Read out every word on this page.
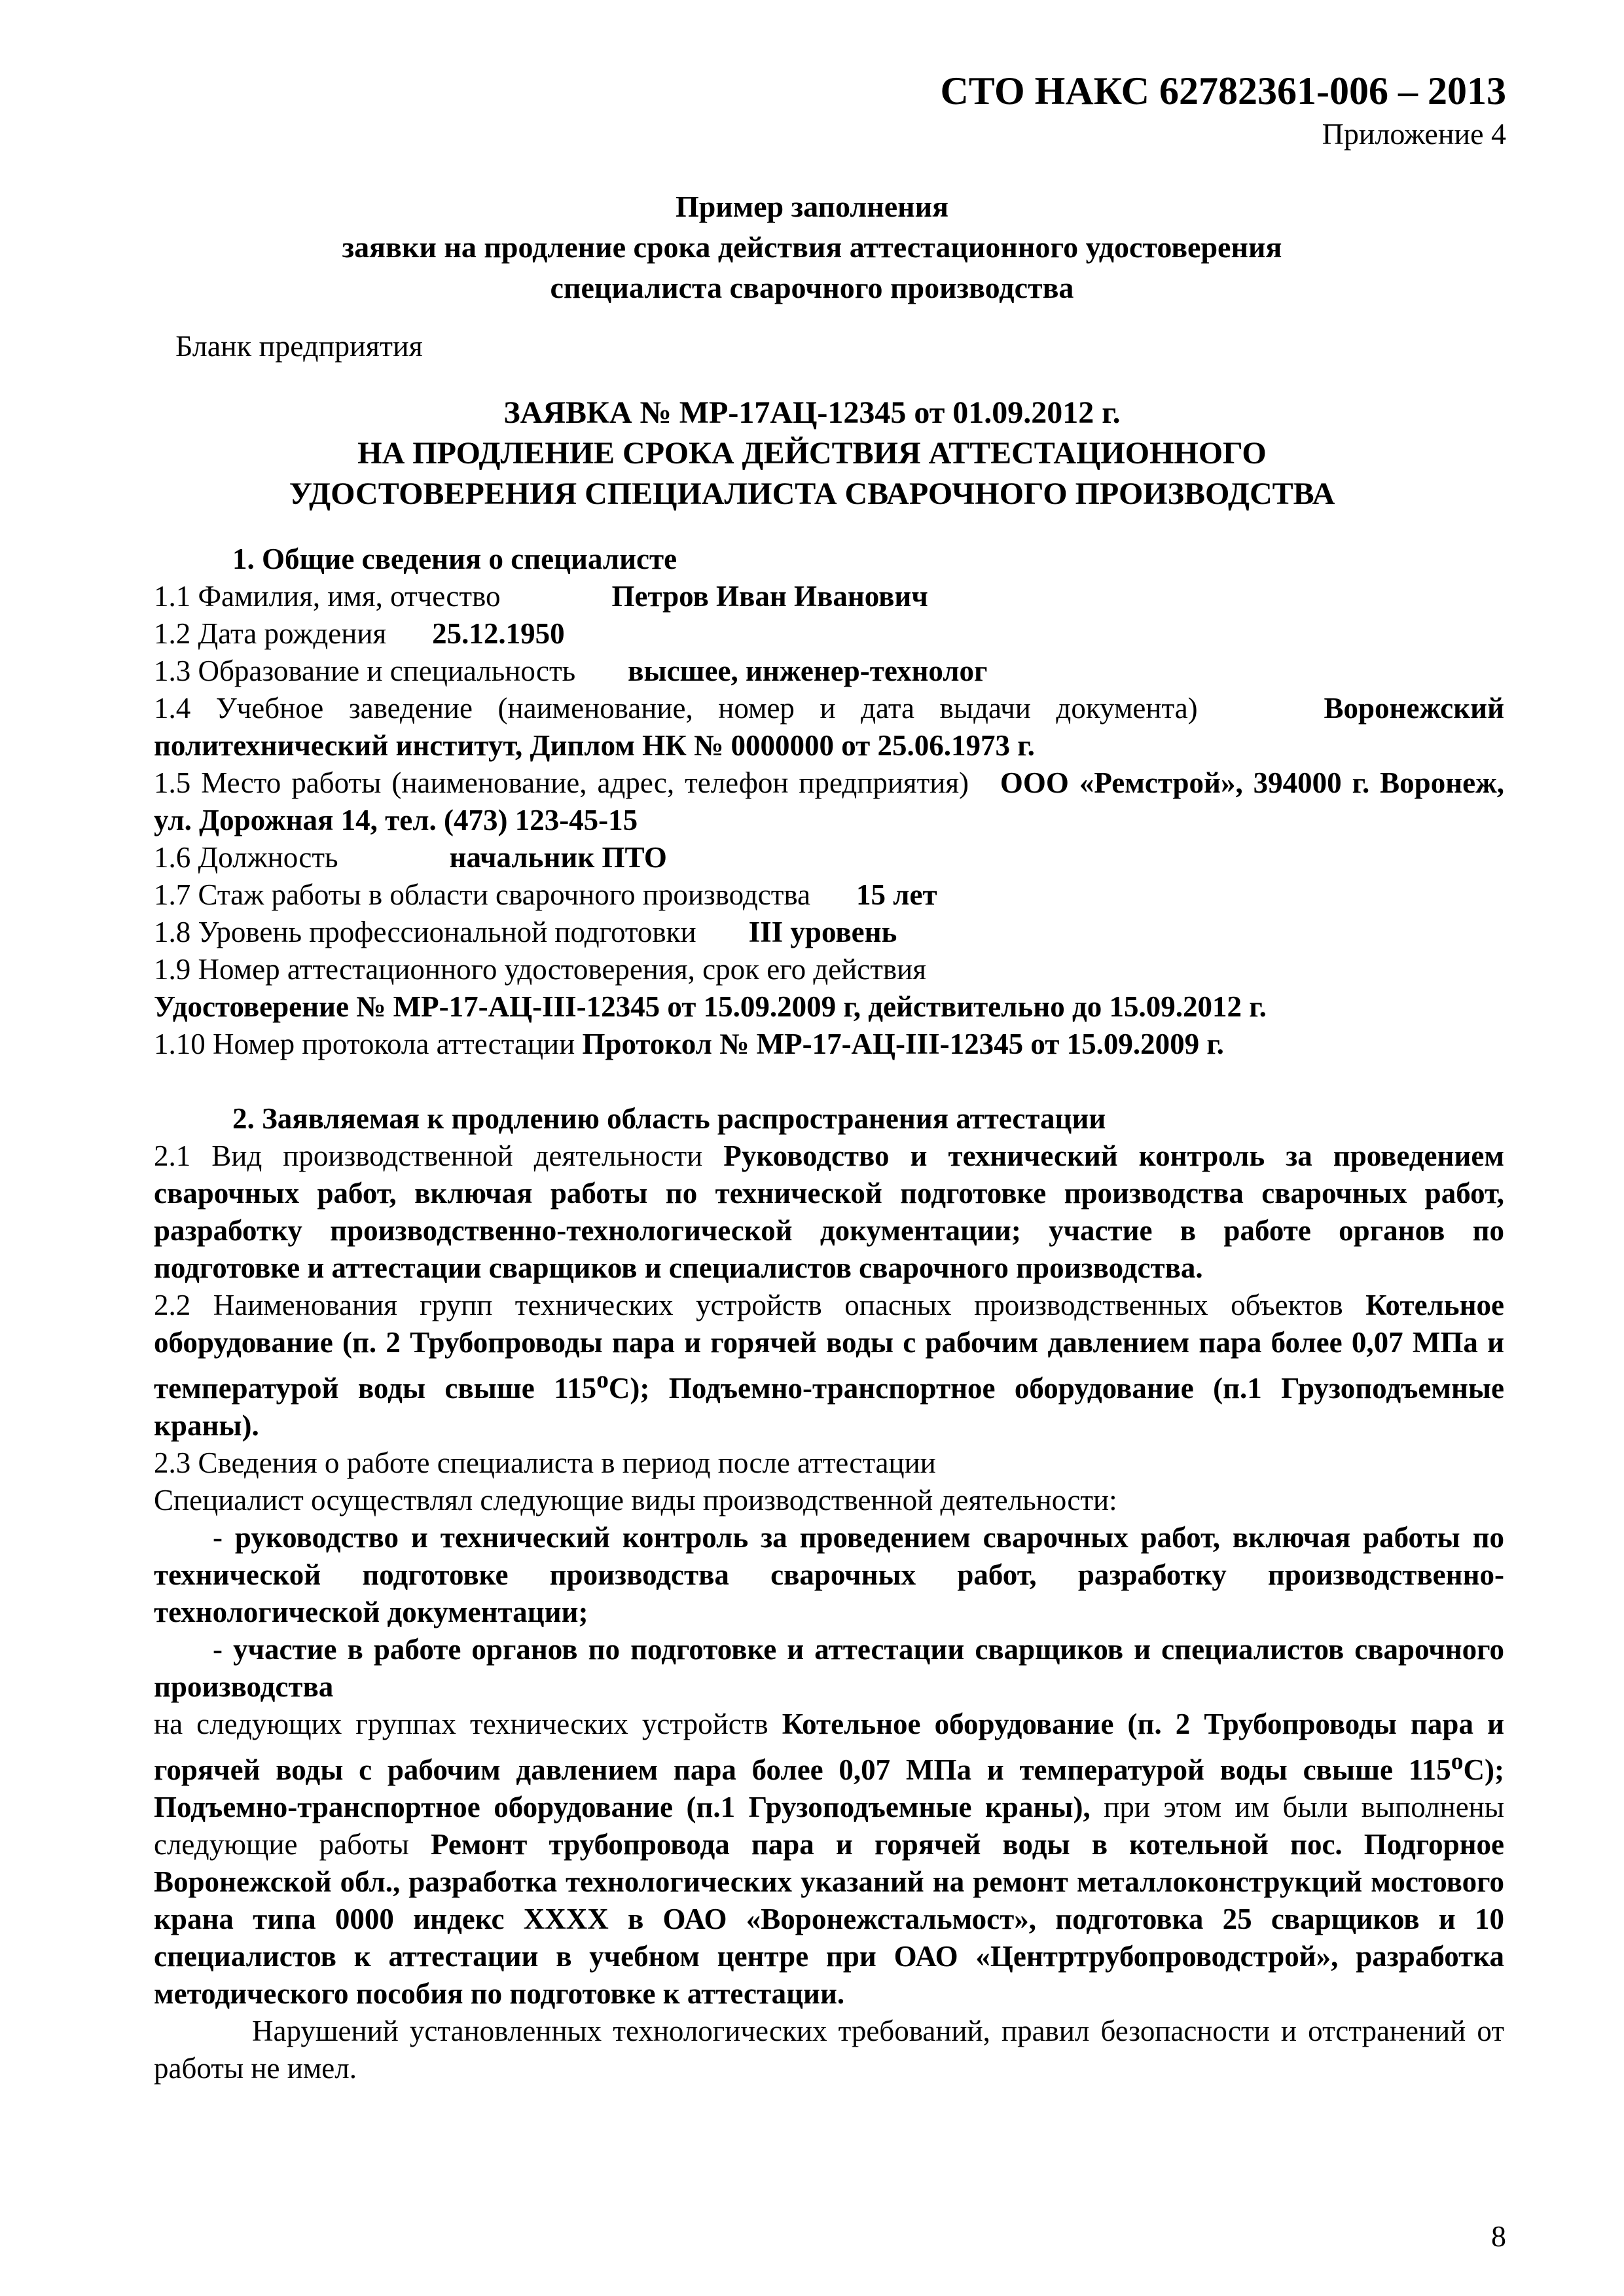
СТО НАКС 62782361-006 – 2013
Приложение 4
Пример заполнения
заявки на продление срока действия аттестационного удостоверения
специалиста сварочного производства
Бланк предприятия
ЗАЯВКА № МР-17АЦ-12345 от 01.09.2012 г.
НА ПРОДЛЕНИЕ СРОКА ДЕЙСТВИЯ АТТЕСТАЦИОННОГО
УДОСТОВЕРЕНИЯ СПЕЦИАЛИСТА СВАРОЧНОГО ПРОИЗВОДСТВА

1. Общие сведения о специалисте

1.1 Фамилия, имя, отчество	Петров Иван Иванович

1.2 Дата рождения 25.12.1950

1.3 Образование и специальность высшее, инженер-технолог

1.4 Учебное заведение (наименование, номер и дата выдачи документа)	Воронежский политехнический институт, Диплом НК № 0000000 от 25.06.1973 г.

1.5 Место работы (наименование, адрес, телефон предприятия) ООО «Ремстрой», 394000 г. Воронеж, ул. Дорожная 14, тел. (473) 123-45-15

1.6 Должность	начальник ПТО

1.7 Стаж работы в области сварочного производства 15 лет

1.8 Уровень профессиональной подготовки III уровень

1.9 Номер аттестационного удостоверения, срок его действия

Удостоверение № МР-17-АЦ-III-12345 от 15.09.2009 г, действительно до 15.09.2012 г.

1.10 Номер протокола аттестации Протокол № МР-17-АЦ-III-12345 от 15.09.2009 г.

2. Заявляемая к продлению область распространения аттестации

2.1 Вид производственной деятельности Руководство и технический контроль за проведением сварочных работ, включая работы по технической подготовке производства сварочных работ, разработку производственно-технологической документации; участие в работе органов по подготовке и аттестации сварщиков и специалистов сварочного производства.

2.2 Наименования групп технических устройств опасных производственных объектов Котельное оборудование (п. 2 Трубопроводы пара и горячей воды с рабочим давлением пара более 0,07 МПа и температурой воды свыше $115^оС$); Подъемно-транспортное оборудование (п.1 Грузоподъемные краны).

2.3 Сведения о работе специалиста в период после аттестации

Специалист осуществлял следующие виды производственной деятельности:

- руководство и технический контроль за проведением сварочных работ, включая работы по технической подготовке производства сварочных работ, разработку производственно-технологической документации;

- участие в работе органов по подготовке и аттестации сварщиков и специалистов сварочного производства

на следующих группах технических устройств Котельное оборудование (п. 2 Трубопроводы пара и горячей воды с рабочим давлением пара более 0,07 МПа и температурой воды свыше $115^оС$); Подъемно-транспортное оборудование (п.1 Грузоподъемные краны), при этом им были выполнены следующие работы Ремонт трубопровода пара и горячей воды в котельной пос. Подгорное Воронежской обл., разработка технологических указаний на ремонт металлоконструкций мостового крана типа 0000 индекс XXXX в ОАО «Воронежстальмост», подготовка 25 сварщиков и 10 специалистов к аттестации в учебном центре при ОАО «Центртрубопроводстрой», разработка методического пособия по подготовке к аттестации.

Нарушений установленных технологических требований, правил безопасности и отстранений от работы не имел.

8
